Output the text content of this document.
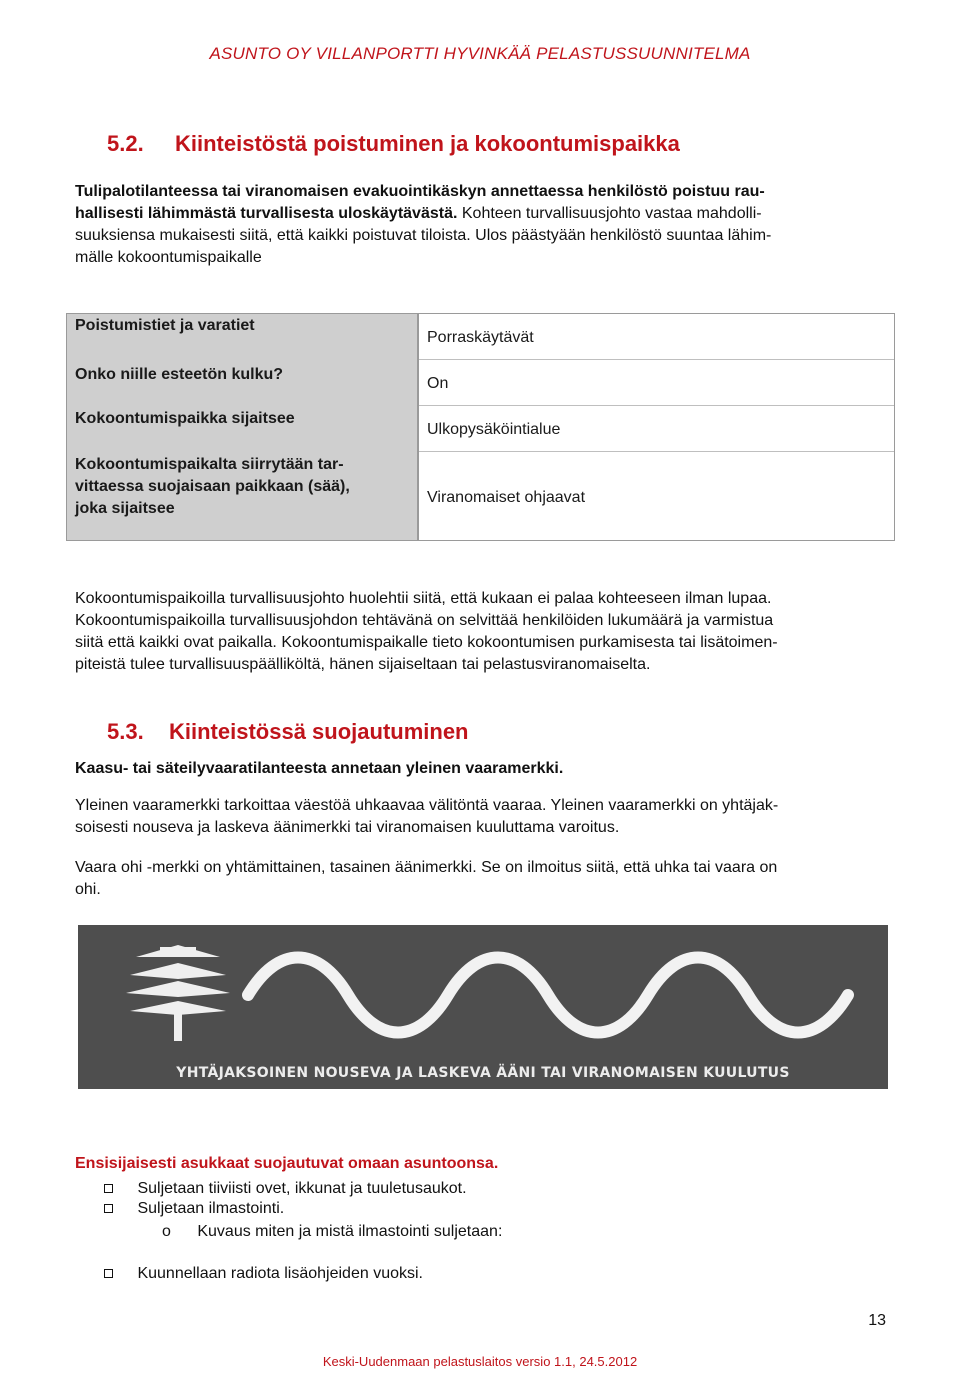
ASUNTO OY VILLANPORTTI HYVINKÄÄ PELASTUSSUUNNITELMA
5.2. Kiinteistöstä poistuminen ja kokoontumispaikka
Tulipalotilanteessa tai viranomaisen evakuointikäskyn annettaessa henkilöstö poistuu rau-
hallisesti lähimmästä turvallisesta uloskäytävästä. Kohteen turvallisuusjohto vastaa mahdolli-
suuksiensa mukaisesti siitä, että kaikki poistuvat tiloista. Ulos päästyään henkilöstö suuntaa lähim-
mälle kokoontumispaikalle
Poistumistiet ja varatiet
Onko niille esteetön kulku?
Kokoontumispaikka sijaitsee
Kokoontumispaikalta siirrytään tar-
vittaessa suojaisaan paikkaan (sää),
joka sijaitsee
Porraskäytävät
On
Ulkopysäköintialue
Viranomaiset ohjaavat
Kokoontumispaikoilla turvallisuusjohto huolehtii siitä, että kukaan ei palaa kohteeseen ilman lupaa.
Kokoontumispaikoilla turvallisuusjohdon tehtävänä on selvittää henkilöiden lukumäärä ja varmistua
siitä että kaikki ovat paikalla. Kokoontumispaikalle tieto kokoontumisen purkamisesta tai lisätoimen-
piteistä tulee turvallisuuspäälliköltä, hänen sijaiseltaan tai pelastusviranomaiselta.
5.3. Kiinteistössä suojautuminen
Kaasu- tai säteilyvaaratilanteesta annetaan yleinen vaaramerkki.
Yleinen vaaramerkki tarkoittaa väestöä uhkaavaa välitöntä vaaraa. Yleinen vaaramerkki on yhtäjak-
soisesti nouseva ja laskeva äänimerkki tai viranomaisen kuuluttama varoitus.
Vaara ohi -merkki on yhtämittainen, tasainen äänimerkki. Se on ilmoitus siitä, että uhka tai vaara on
ohi.
YHTÄJAKSOINEN NOUSEVA JA LASKEVA ÄÄNI TAI VIRANOMAISEN KUULUTUS
Ensisijaisesti asukkaat suojautuvat omaan asuntoonsa.
Suljetaan tiiviisti ovet, ikkunat ja tuuletusaukot.
Suljetaan ilmastointi.
o Kuvaus miten ja mistä ilmastointi suljetaan:
Kuunnellaan radiota lisäohjeiden vuoksi.
13
Keski-Uudenmaan pelastuslaitos versio 1.1, 24.5.2012
